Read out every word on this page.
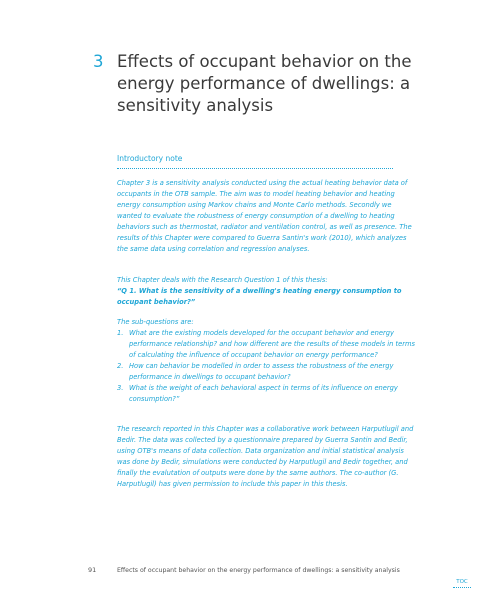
3 Effects of occupant behavior on the energy performance of dwellings: a sensitivity analysis
Introductory note

Chapter 3 is a sensitivity analysis conducted using the actual heating behavior data of occupants in the OTB sample. The aim was to model heating behavior and heating energy consumption using Markov chains and Monte Carlo methods. Secondly we wanted to evaluate the robustness of energy consumption of a dwelling to heating behaviors such as thermostat, radiator and ventilation control, as well as presence. The results of this Chapter were compared to Guerra Santin's work (2010), which analyzes the same data using correlation and regression analyses.

This Chapter deals with the Research Question 1 of this thesis:
“Q 1. What is the sensitivity of a dwelling's heating energy consumption to occupant behavior?”
The sub-questions are:
1. What are the existing models developed for the occupant behavior and energy performance relationship? and how different are the results of these models in terms of calculating the influence of occupant behavior on energy performance?
2. How can behavior be modelled in order to assess the robustness of the energy performance in dwellings to occupant behavior?
3. What is the weight of each behavioral aspect in terms of its influence on energy consumption?”

The research reported in this Chapter was a collaborative work between Harputlugil and Bedir. The data was collected by a questionnaire prepared by Guerra Santin and Bedir, using OTB's means of data collection. Data organization and initial statistical analysis was done by Bedir, simulations were conducted by Harputlugil and Bedir together, and finally the evalutation of outputs were done by the same authors. The co-author (G. Harputlugil) has given permission to include this paper in this thesis.

91	Effects of occupant behavior on the energy performance of dwellings: a sensitivity analysis
TOC
